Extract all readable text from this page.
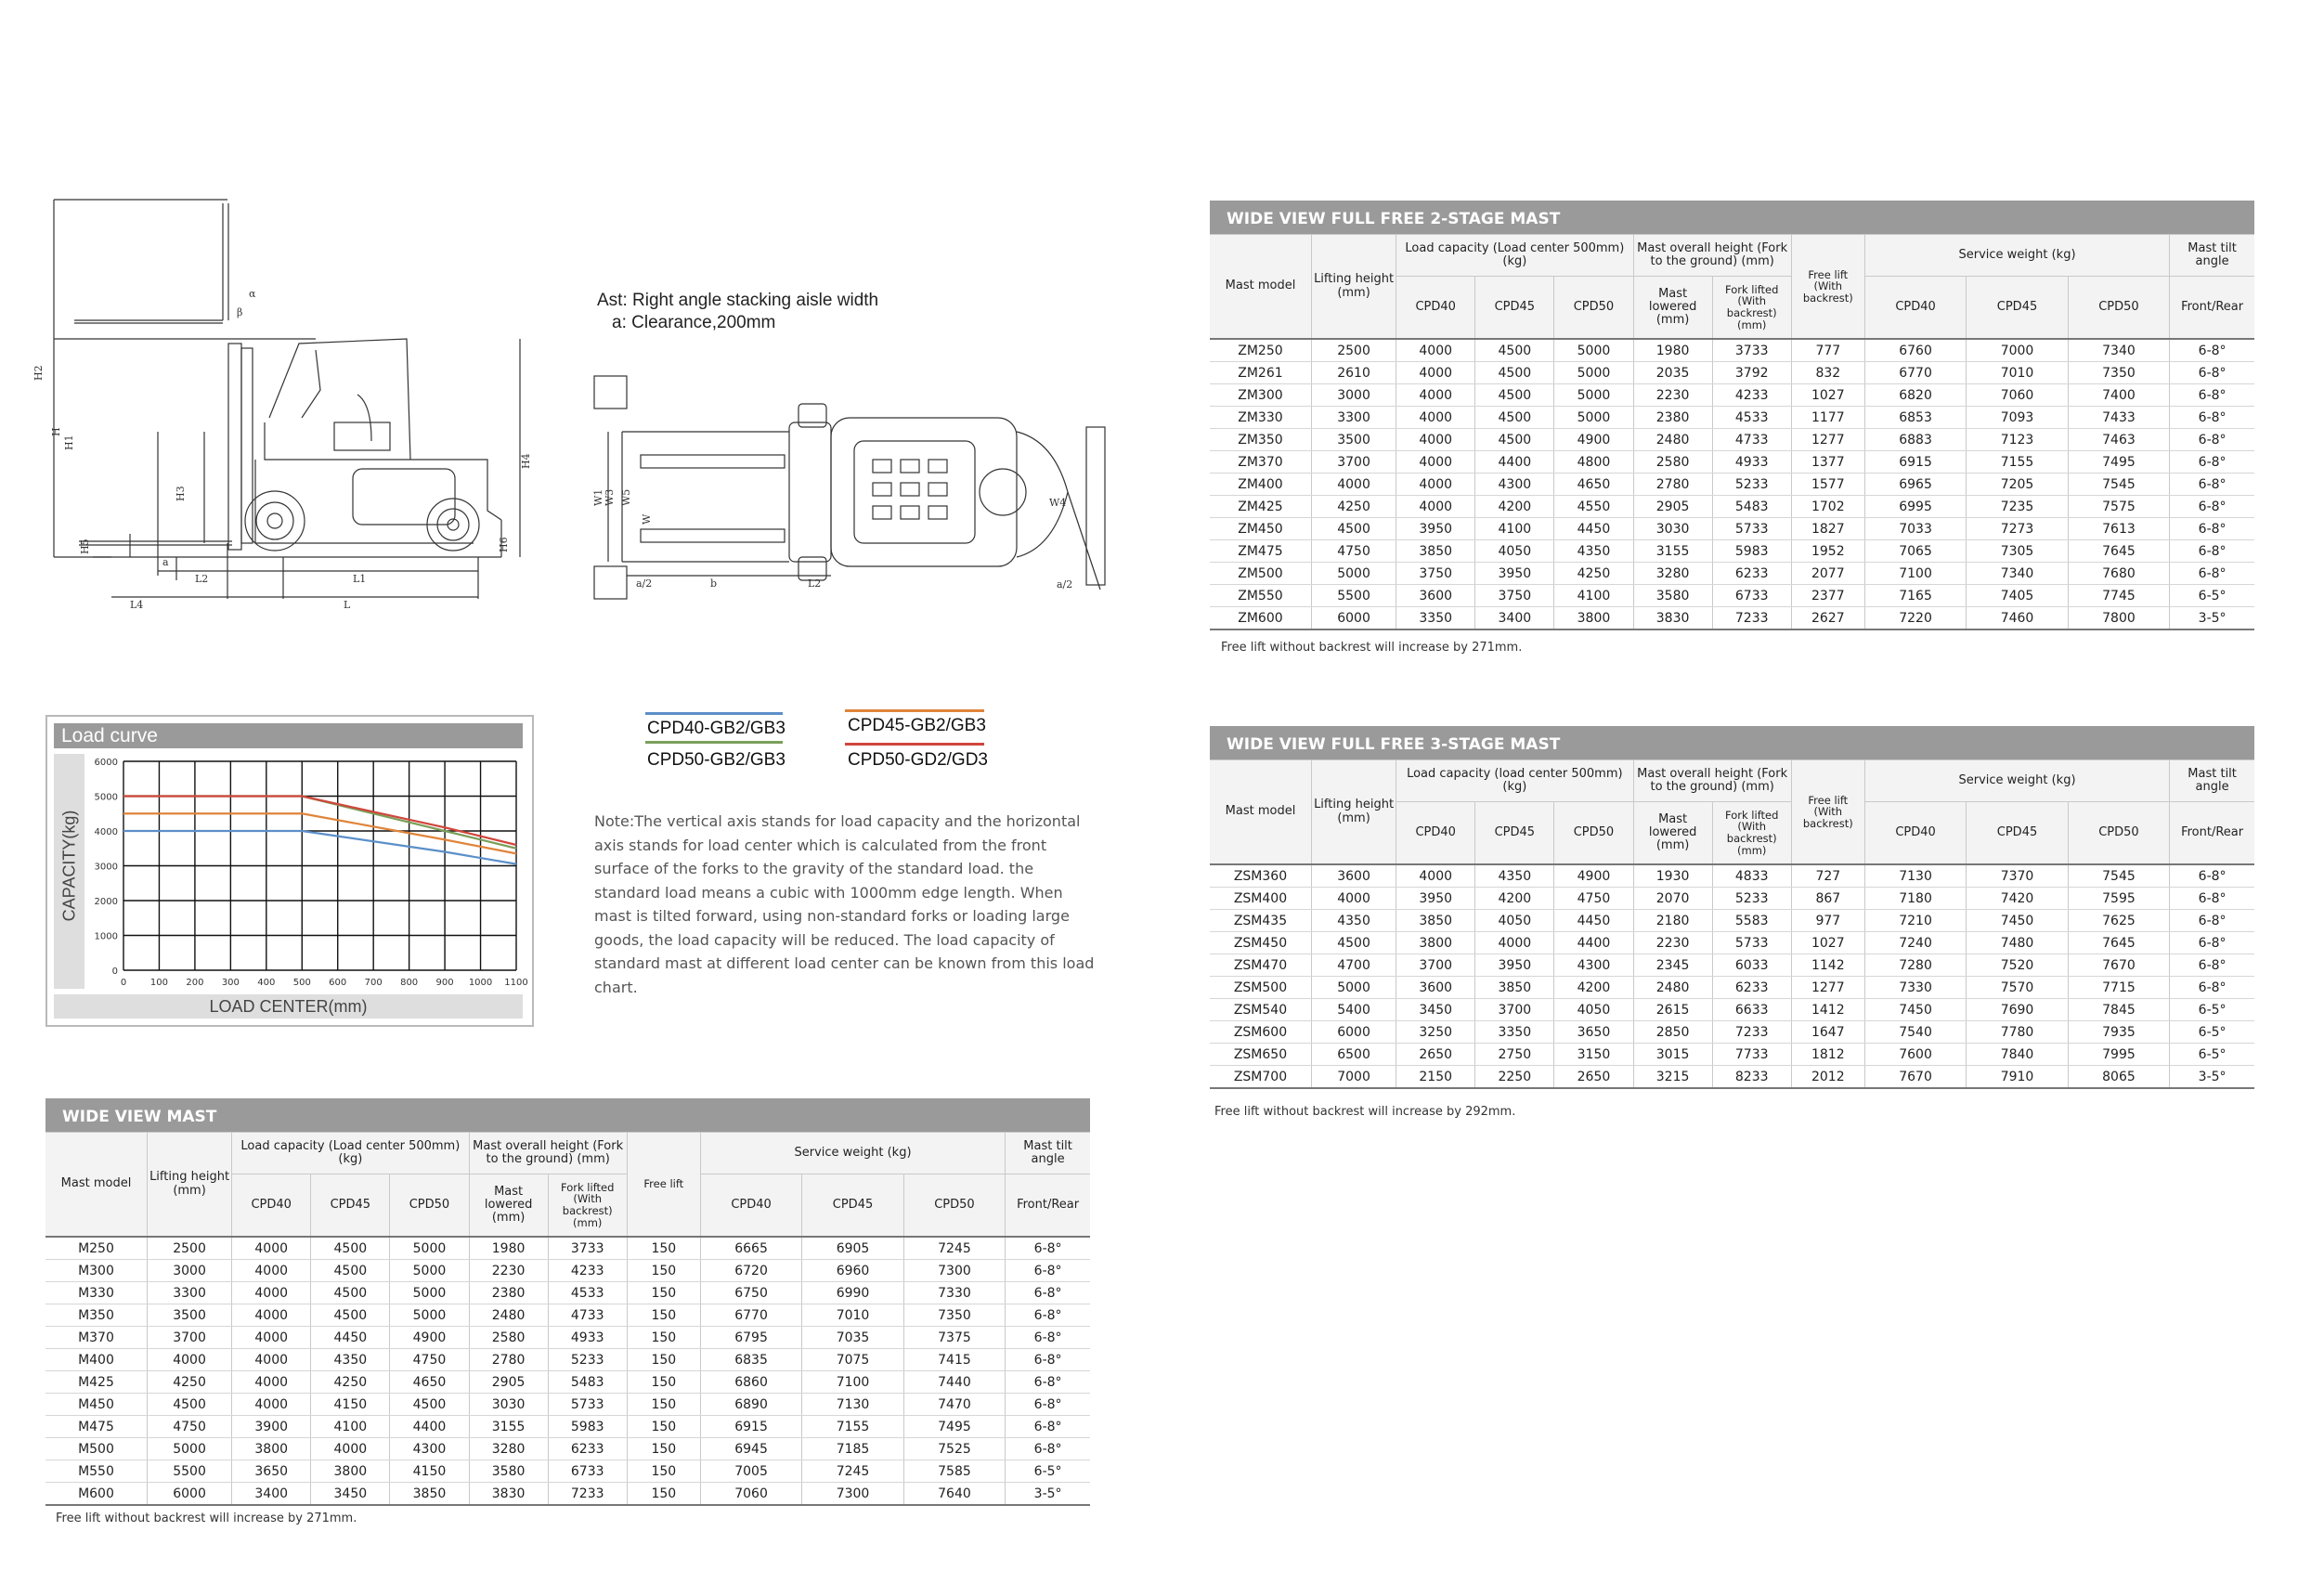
H2
H
H1
H3
H4
H5	H6
a
L2	L1
L
L4
β
α	Ast: Right angle stacking aisle width
a: Clearance,200mm
W1 W3 W5
W
W4
a/2	b	L2	a/2
Load curve
CAPACITY(kg)
LOAD CENTER(mm)
0	100 200 300 400 500 600 700 800 900 1000 1100
0
1000
2000
3000
4000
5000
6000
CPD40-GB2/GB3
CPD50-GB2/GB3
CPD45-GB2/GB3
CPD50-GD2/GD3
Note:The vertical axis stands for load capacity and the horizontal axis stands for load center which is calculated from the front surface of the forks to the gravity of the standard load. the standard load means a cubic with 1000mm edge length. When mast is tilted forward, using non-standard forks or loading large goods, the load capacity will be reduced. The load capacity of standard mast at different load center can be known from this load chart.
WIDE VIEW MAST
Mast model	Lifting height (mm)	Load capacity (Load center 500mm) (kg)			Mast overall height (Fork to the ground) (mm)		Free lift	Service weight (kg)			Mast tilt angle
		CPD40	CPD45	CPD50	Mast lowered (mm)	Fork lifted (With backrest) (mm)		CPD40	CPD45	CPD50	Front/Rear
M250	2500	4000	4500	5000	1980	3733	150	6665	6905	7245	6-8°
M300	3000	4000	4500	5000	2230	4233	150	6720	6960	7300	6-8°
M330	3300	4000	4500	5000	2380	4533	150	6750	6990	7330	6-8°
M350	3500	4000	4500	5000	2480	4733	150	6770	7010	7350	6-8°
M370	3700	4000	4450	4900	2580	4933	150	6795	7035	7375	6-8°
M400	4000	4000	4350	4750	2780	5233	150	6835	7075	7415	6-8°
M425	4250	4000	4250	4650	2905	5483	150	6860	7100	7440	6-8°
M450	4500	4000	4150	4500	3030	5733	150	6890	7130	7470	6-8°
M475	4750	3900	4100	4400	3155	5983	150	6915	7155	7495	6-8°
M500	5000	3800	4000	4300	3280	6233	150	6945	7185	7525	6-8°
M550	5500	3650	3800	4150	3580	6733	150	7005	7245	7585	6-5°
M600	6000	3400	3450	3850	3830	7233	150	7060	7300	7640	3-5°
Free lift without backrest will increase by 271mm.
WIDE VIEW FULL FREE 2-STAGE MAST
Mast model	Lifting height (mm)	Load capacity (Load center 500mm) (kg)			Mast overall height (Fork to the ground) (mm)		Free lift (With backrest)	Service weight (kg)			Mast tilt angle
		CPD40	CPD45	CPD50	Mast lowered (mm)	Fork lifted (With backrest) (mm)		CPD40	CPD45	CPD50	Front/Rear
ZM250	2500	4000	4500	5000	1980	3733	777	6760	7000	7340	6-8°
ZM261	2610	4000	4500	5000	2035	3792	832	6770	7010	7350	6-8°
ZM300	3000	4000	4500	5000	2230	4233	1027	6820	7060	7400	6-8°
ZM330	3300	4000	4500	5000	2380	4533	1177	6853	7093	7433	6-8°
ZM350	3500	4000	4500	4900	2480	4733	1277	6883	7123	7463	6-8°
ZM370	3700	4000	4400	4800	2580	4933	1377	6915	7155	7495	6-8°
ZM400	4000	4000	4300	4650	2780	5233	1577	6965	7205	7545	6-8°
ZM425	4250	4000	4200	4550	2905	5483	1702	6995	7235	7575	6-8°
ZM450	4500	3950	4100	4450	3030	5733	1827	7033	7273	7613	6-8°
ZM475	4750	3850	4050	4350	3155	5983	1952	7065	7305	7645	6-8°
ZM500	5000	3750	3950	4250	3280	6233	2077	7100	7340	7680	6-8°
ZM550	5500	3600	3750	4100	3580	6733	2377	7165	7405	7745	6-5°
ZM600	6000	3350	3400	3800	3830	7233	2627	7220	7460	7800	3-5°
Free lift without backrest will increase by 271mm.
WIDE VIEW FULL FREE 3-STAGE MAST
Mast model	Lifting height (mm)	Load capacity (load center 500mm) (kg)			Mast overall height (Fork to the ground) (mm)		Free lift (With backrest)	Service weight (kg)			Mast tilt angle
		CPD40	CPD45	CPD50	Mast lowered (mm)	Fork lifted (With backrest) (mm)		CPD40	CPD45	CPD50	Front/Rear
ZSM360	3600	4000	4350	4900	1930	4833	727	7130	7370	7545	6-8°
ZSM400	4000	3950	4200	4750	2070	5233	867	7180	7420	7595	6-8°
ZSM435	4350	3850	4050	4450	2180	5583	977	7210	7450	7625	6-8°
ZSM450	4500	3800	4000	4400	2230	5733	1027	7240	7480	7645	6-8°
ZSM470	4700	3700	3950	4300	2345	6033	1142	7280	7520	7670	6-8°
ZSM500	5000	3600	3850	4200	2480	6233	1277	7330	7570	7715	6-8°
ZSM540	5400	3450	3700	4050	2615	6633	1412	7450	7690	7845	6-5°
ZSM600	6000	3250	3350	3650	2850	7233	1647	7540	7780	7935	6-5°
ZSM650	6500	2650	2750	3150	3015	7733	1812	7600	7840	7995	6-5°
ZSM700	7000	2150	2250	2650	3215	8233	2012	7670	7910	8065	3-5°
Free lift without backrest will increase by 292mm.
